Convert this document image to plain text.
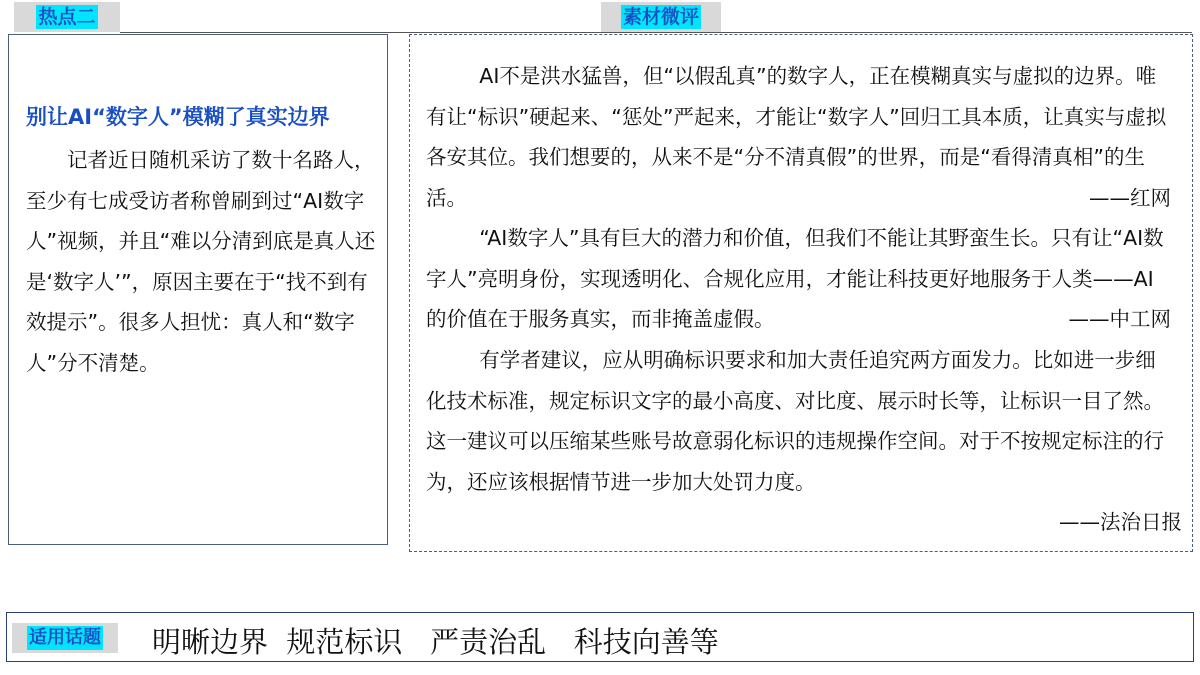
热点二	素材微评
别让AI“数字人”模糊了真实边界

记者近日随机采访了数十名路人，至少有七成受访者称曾刷到过“AI数字人”视频，并且“难以分清到底是真人还是‘数字人’”，原因主要在于“找不到有效提示”。很多人担忧：真人和“数字人”分不清楚。

AI不是洪水猛兽，但“以假乱真”的数字人，正在模糊真实与虚拟的边界。唯有让“标识”硬起来、“惩处”严起来，才能让“数字人”回归工具本质，让真实与虚拟各安其位。我们想要的，从来不是“分不清真假”的世界，而是“看得清真相”的生活。	——红网

“AI数字人”具有巨大的潜力和价值，但我们不能让其野蛮生长。只有让“AI数字人”亮明身份，实现透明化、合规化应用，才能让科技更好地服务于人类——AI的价值在于服务真实，而非掩盖虚假。	——中工网

有学者建议，应从明确标识要求和加大责任追究两方面发力。比如进一步细化技术标准，规定标识文字的最小高度、对比度、展示时长等，让标识一目了然。这一建议可以压缩某些账号故意弱化标识的违规操作空间。对于不按规定标注的行为，还应该根据情节进一步加大处罚力度。

——法治日报
适用话题 明晰边界  规范标识   严责治乱   科技向善等
